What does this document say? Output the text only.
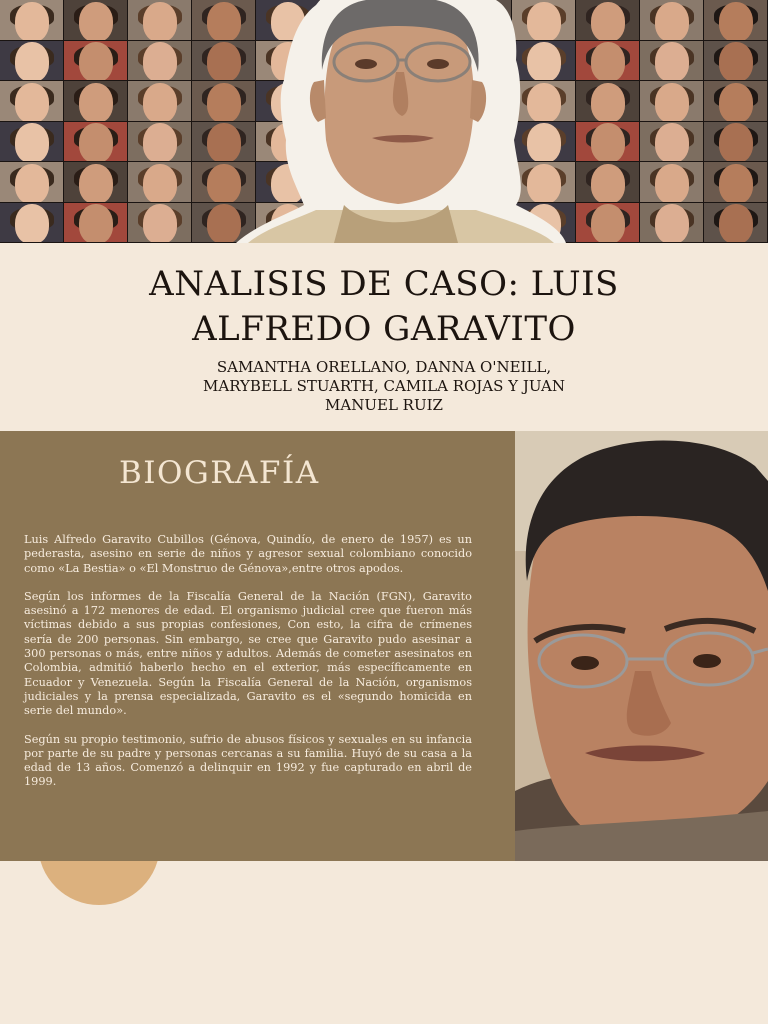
ANALISIS DE CASO: LUIS
ALFREDO GARAVITO
SAMANTHA ORELLANO, DANNA O'NEILL,
MARYBELL STUARTH, CAMILA ROJAS Y JUAN
MANUEL RUIZ
BIOGRAFÍA

Luis Alfredo Garavito Cubillos (Génova, Quindío, de enero de 1957) es un pederasta, asesino en serie de niños y agresor sexual colombiano conocido como «La Bestia» o «El Monstruo de Génova»,entre otros apodos.

Según los informes de la Fiscalía General de la Nación (FGN), Garavito asesinó a 172 menores de edad. El organismo judicial cree que fueron más víctimas debido a sus propias confesiones, Con esto, la cifra de crímenes sería de 200 personas. Sin embargo, se cree que Garavito pudo asesinar a 300 personas o más, entre niños y adultos. Además de cometer asesinatos en Colombia, admitió haberlo hecho en el exterior, más específicamente en Ecuador y Venezuela. Según la Fiscalía General de la Nación, organismos judiciales y la prensa especializada, Garavito es el «segundo homicida en serie del mundo».

Según su propio testimonio, sufrio de abusos físicos y sexuales en su infancia por parte de su padre y personas cercanas a su familia. Huyó de su casa a la edad de 13 años. Comenzó a delinquir en 1992 y fue capturado en abril de 1999.
